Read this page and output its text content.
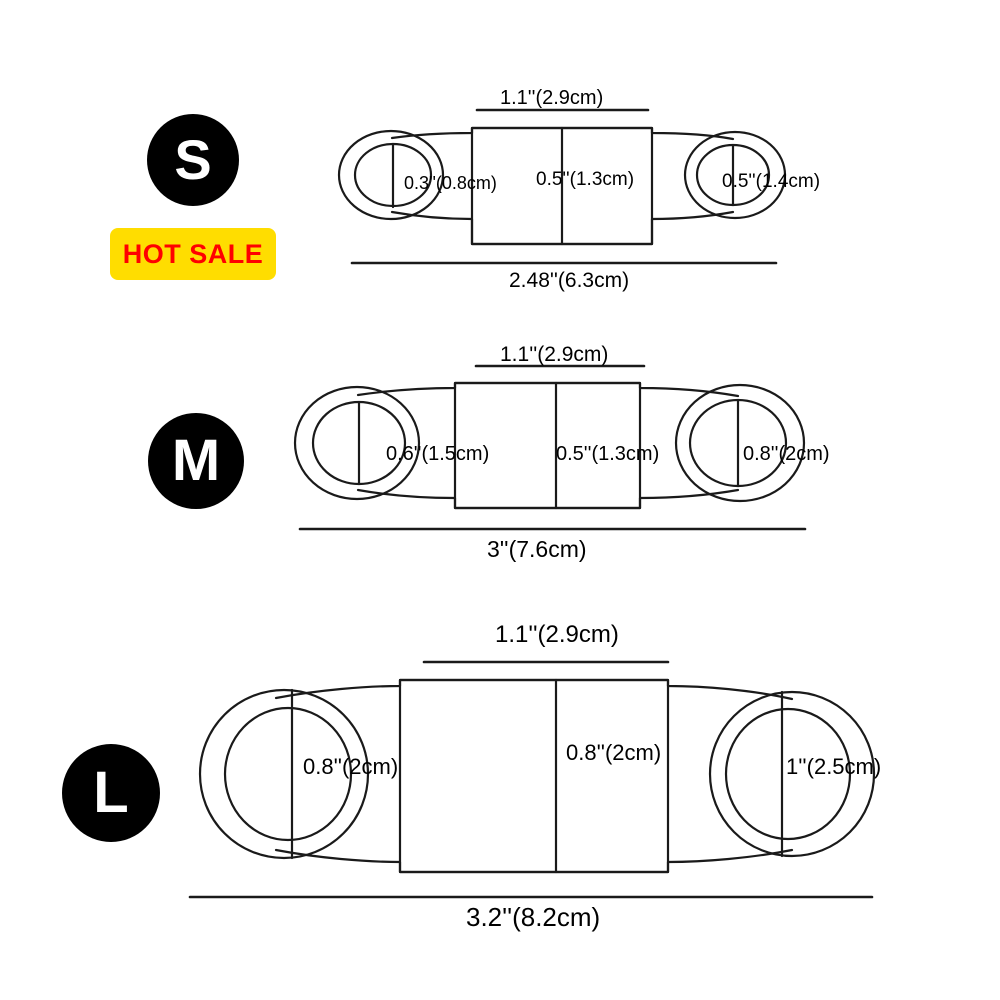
S
M
L
HOT SALE
1.1''(2.9cm)
0.3''(0.8cm) 0.5''(1.3cm)	0.5''(1.4cm)
2.48''(6.3cm)
1.1''(2.9cm)
0.6''(1.5cm)	0.5''(1.3cm)	0.8''(2cm)
3''(7.6cm)
1.1''(2.9cm)
0.8''(2cm)
0.8''(2cm)
1''(2.5cm)
3.2''(8.2cm)
